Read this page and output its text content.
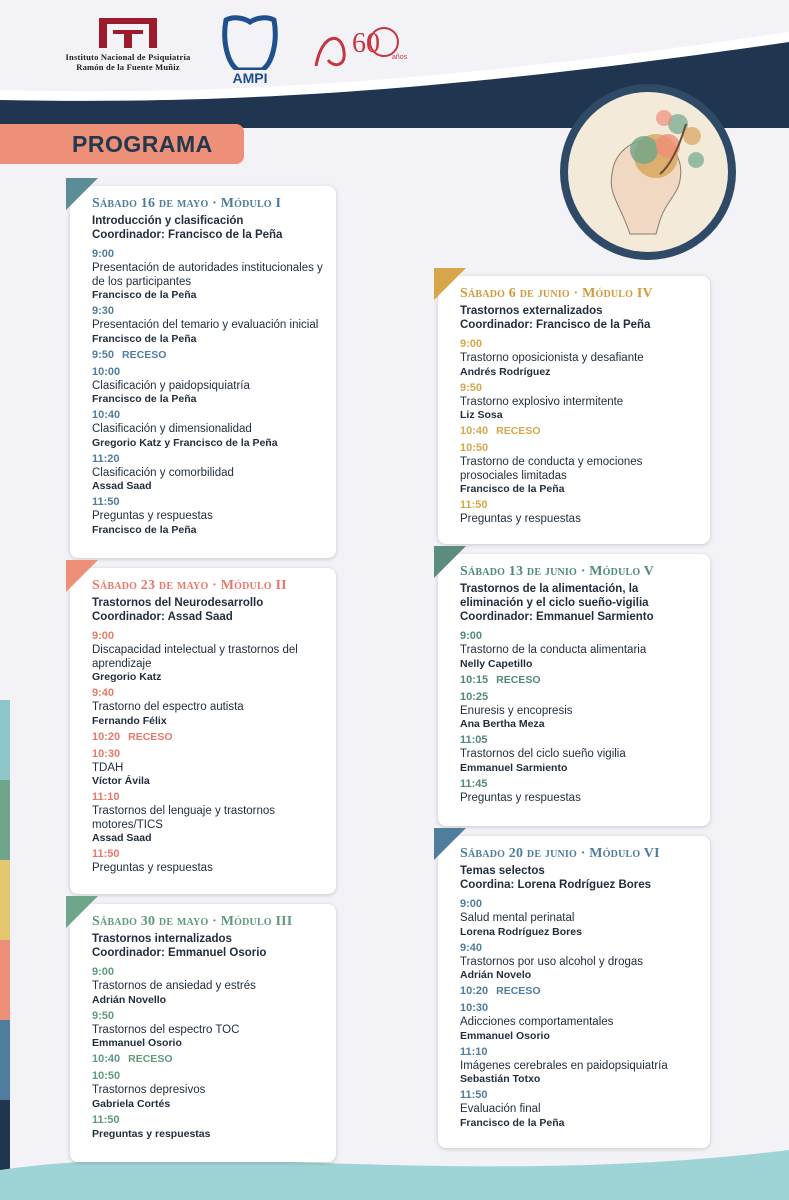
Instituto Nacional de Psiquiatría
Ramón de la Fuente Muñiz
AMPI
60 años
PROGRAMA
Sábado 16 de mayo · Módulo I
Introducción y clasificación
Coordinador: Francisco de la Peña
9:00
Presentación de autoridades institucionales y de los participantes
Francisco de la Peña
9:30
Presentación del temario y evaluación inicial
Francisco de la Peña
9:50 RECESO
10:00
Clasificación y paidopsiquiatría
Francisco de la Peña
10:40
Clasificación y dimensionalidad
Gregorio Katz y Francisco de la Peña
11:20
Clasificación y comorbilidad
Assad Saad
11:50
Preguntas y respuestas
Francisco de la Peña
Sábado 23 de mayo · Módulo II
Trastornos del Neurodesarrollo
Coordinador: Assad Saad
9:00
Discapacidad intelectual y trastornos del aprendizaje
Gregorio Katz
9:40
Trastorno del espectro autista
Fernando Félix
10:20 RECESO
10:30
TDAH
Víctor Ávila
11:10
Trastornos del lenguaje y trastornos motores/TICS
Assad Saad
11:50
Preguntas y respuestas
Sábado 30 de mayo · Módulo III
Trastornos internalizados
Coordinador: Emmanuel Osorio
9:00
Trastornos de ansiedad y estrés
Adrián Novello
9:50
Trastornos del espectro TOC
Emmanuel Osorio
10:40 RECESO
10:50
Trastornos depresivos
Gabriela Cortés
11:50
Preguntas y respuestas
Sábado 6 de junio · Módulo IV
Trastornos externalizados
Coordinador: Francisco de la Peña
9:00
Trastorno oposicionista y desafiante
Andrés Rodríguez
9:50
Trastorno explosivo intermitente
Liz Sosa
10:40 RECESO
10:50
Trastorno de conducta y emociones prosociales limitadas
Francisco de la Peña
11:50
Preguntas y respuestas
Sábado 13 de junio · Módulo V
Trastornos de la alimentación, la eliminación y el ciclo sueño-vigilia
Coordinador: Emmanuel Sarmiento
9:00
Trastorno de la conducta alimentaria
Nelly Capetillo
10:15 RECESO
10:25
Enuresis y encopresis
Ana Bertha Meza
11:05
Trastornos del ciclo sueño vigilia
Emmanuel Sarmiento
11:45
Preguntas y respuestas
Sábado 20 de junio · Módulo VI
Temas selectos
Coordina: Lorena Rodríguez Bores
9:00
Salud mental perinatal
Lorena Rodríguez Bores
9:40
Trastornos por uso alcohol y drogas
Adrián Novelo
10:20 RECESO
10:30
Adicciones comportamentales
Emmanuel Osorio
11:10
Imágenes cerebrales en paidopsiquiatría
Sebastián Totxo
11:50
Evaluación final
Francisco de la Peña
